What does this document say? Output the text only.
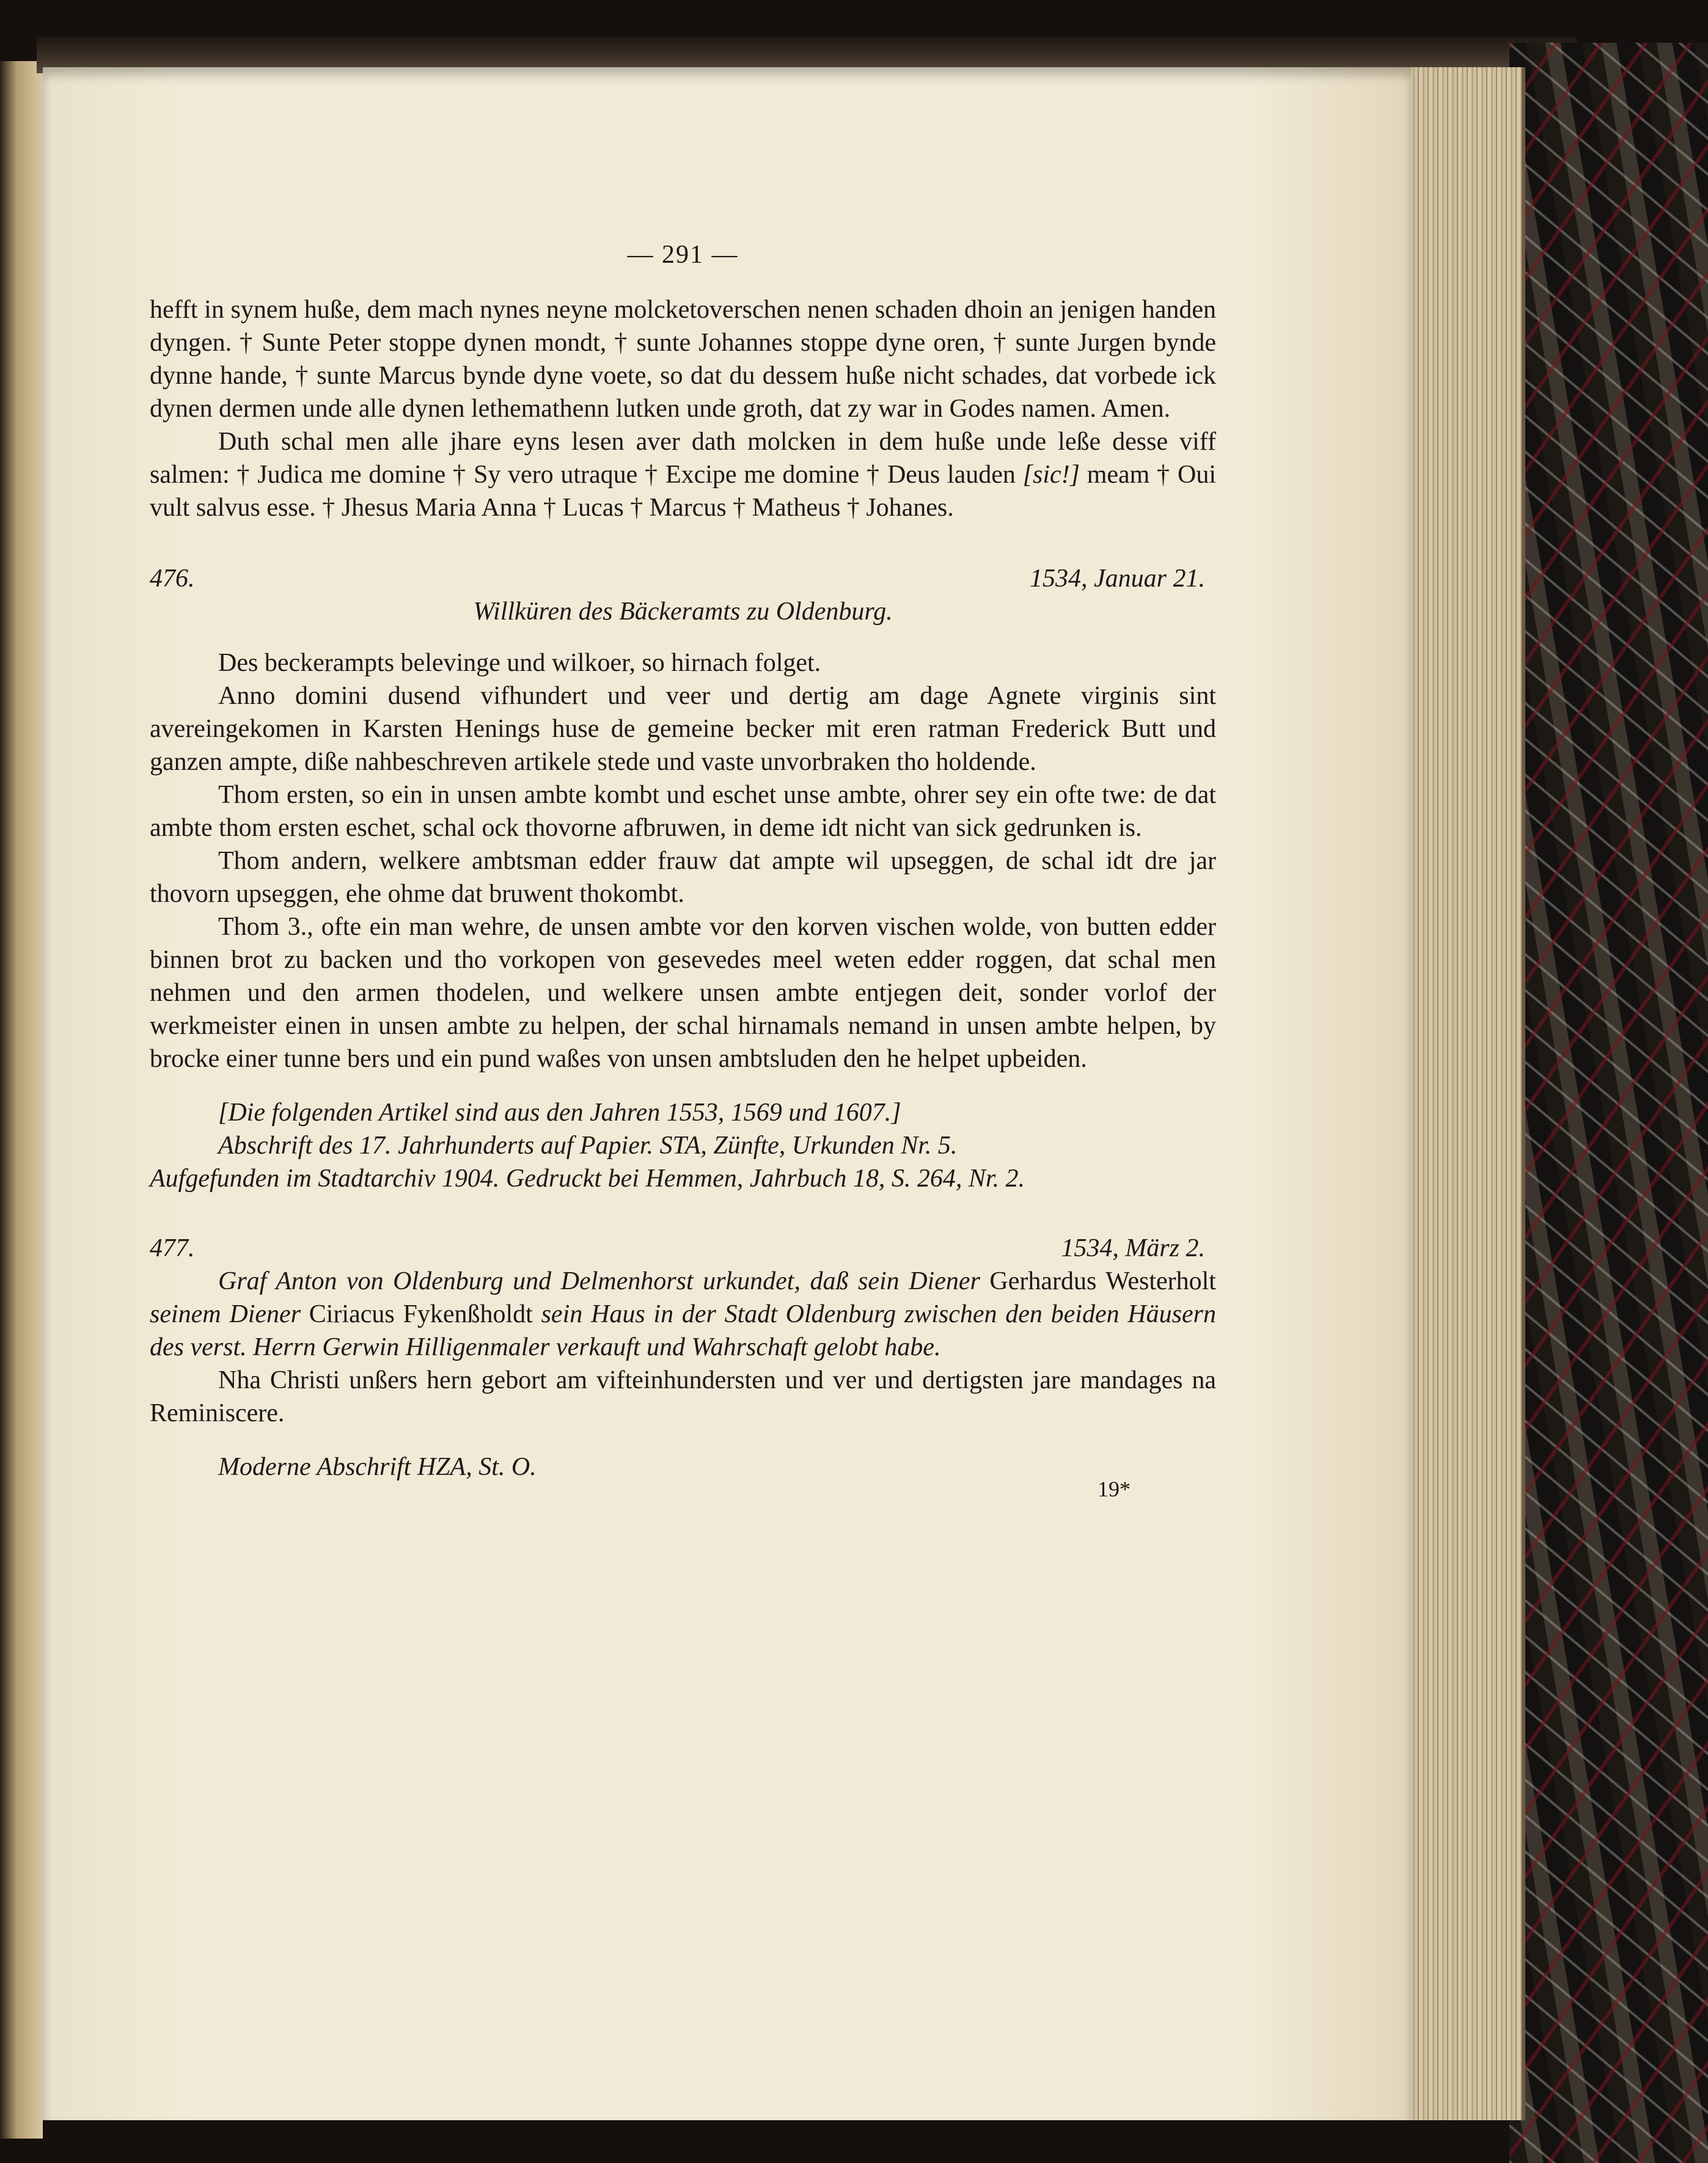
— 291 —

hefft in synem huße, dem mach nynes neyne molcketoverschen nenen schaden dhoin an jenigen handen dyngen. † Sunte Peter stoppe dynen mondt, † sunte Johannes stoppe dyne oren, † sunte Jurgen bynde dynne hande, † sunte Marcus bynde dyne voete, so dat du dessem huße nicht schades, dat vorbede ick dynen dermen unde alle dynen lethemathenn lutken unde groth, dat zy war in Godes namen. Amen.

Duth schal men alle jhare eyns lesen aver dath molcken in dem huße unde leße desse viff salmen: † Judica me domine † Sy vero utraque † Excipe me domine † Deus lauden [sic!] meam † Oui vult salvus esse. † Jhesus Maria Anna † Lucas † Marcus † Matheus † Johanes.

476.	1534, Januar 21.
Willküren des Bäckeramts zu Oldenburg.

Des beckerampts belevinge und wilkoer, so hirnach folget.

Anno domini dusend vifhundert und veer und dertig am dage Agnete virginis sint avereingekomen in Karsten Henings huse de gemeine becker mit eren ratman Frederick Butt und ganzen ampte, diße nahbeschreven artikele stede und vaste unvorbraken tho holdende.

Thom ersten, so ein in unsen ambte kombt und eschet unse ambte, ohrer sey ein ofte twe: de dat ambte thom ersten eschet, schal ock thovorne afbruwen, in deme idt nicht van sick gedrunken is.

Thom andern, welkere ambtsman edder frauw dat ampte wil upseggen, de schal idt dre jar thovorn upseggen, ehe ohme dat bruwent thokombt.

Thom 3., ofte ein man wehre, de unsen ambte vor den korven vischen wolde, von butten edder binnen brot zu backen und tho vorkopen von gesevedes meel weten edder roggen, dat schal men nehmen und den armen thodelen, und welkere unsen ambte entjegen deit, sonder vorlof der werkmeister einen in unsen ambte zu helpen, der schal hirnamals nemand in unsen ambte helpen, by brocke einer tunne bers und ein pund waßes von unsen ambtsluden den he helpet upbeiden.

[Die folgenden Artikel sind aus den Jahren 1553, 1569 und 1607.]

Abschrift des 17. Jahrhunderts auf Papier. STA, Zünfte, Urkunden Nr. 5.

Aufgefunden im Stadtarchiv 1904. Gedruckt bei Hemmen, Jahrbuch 18, S. 264, Nr. 2.

477.	1534, März 2.

Graf Anton von Oldenburg und Delmenhorst urkundet, daß sein Diener Gerhardus Westerholt seinem Diener Ciriacus Fykenßholdt sein Haus in der Stadt Oldenburg zwischen den beiden Häusern des verst. Herrn Gerwin Hilligenmaler verkauft und Wahrschaft gelobt habe.

Nha Christi unßers hern gebort am vifteinhundersten und ver und dertigsten jare mandages na Reminiscere.

Moderne Abschrift HZA, St. O.

19*
